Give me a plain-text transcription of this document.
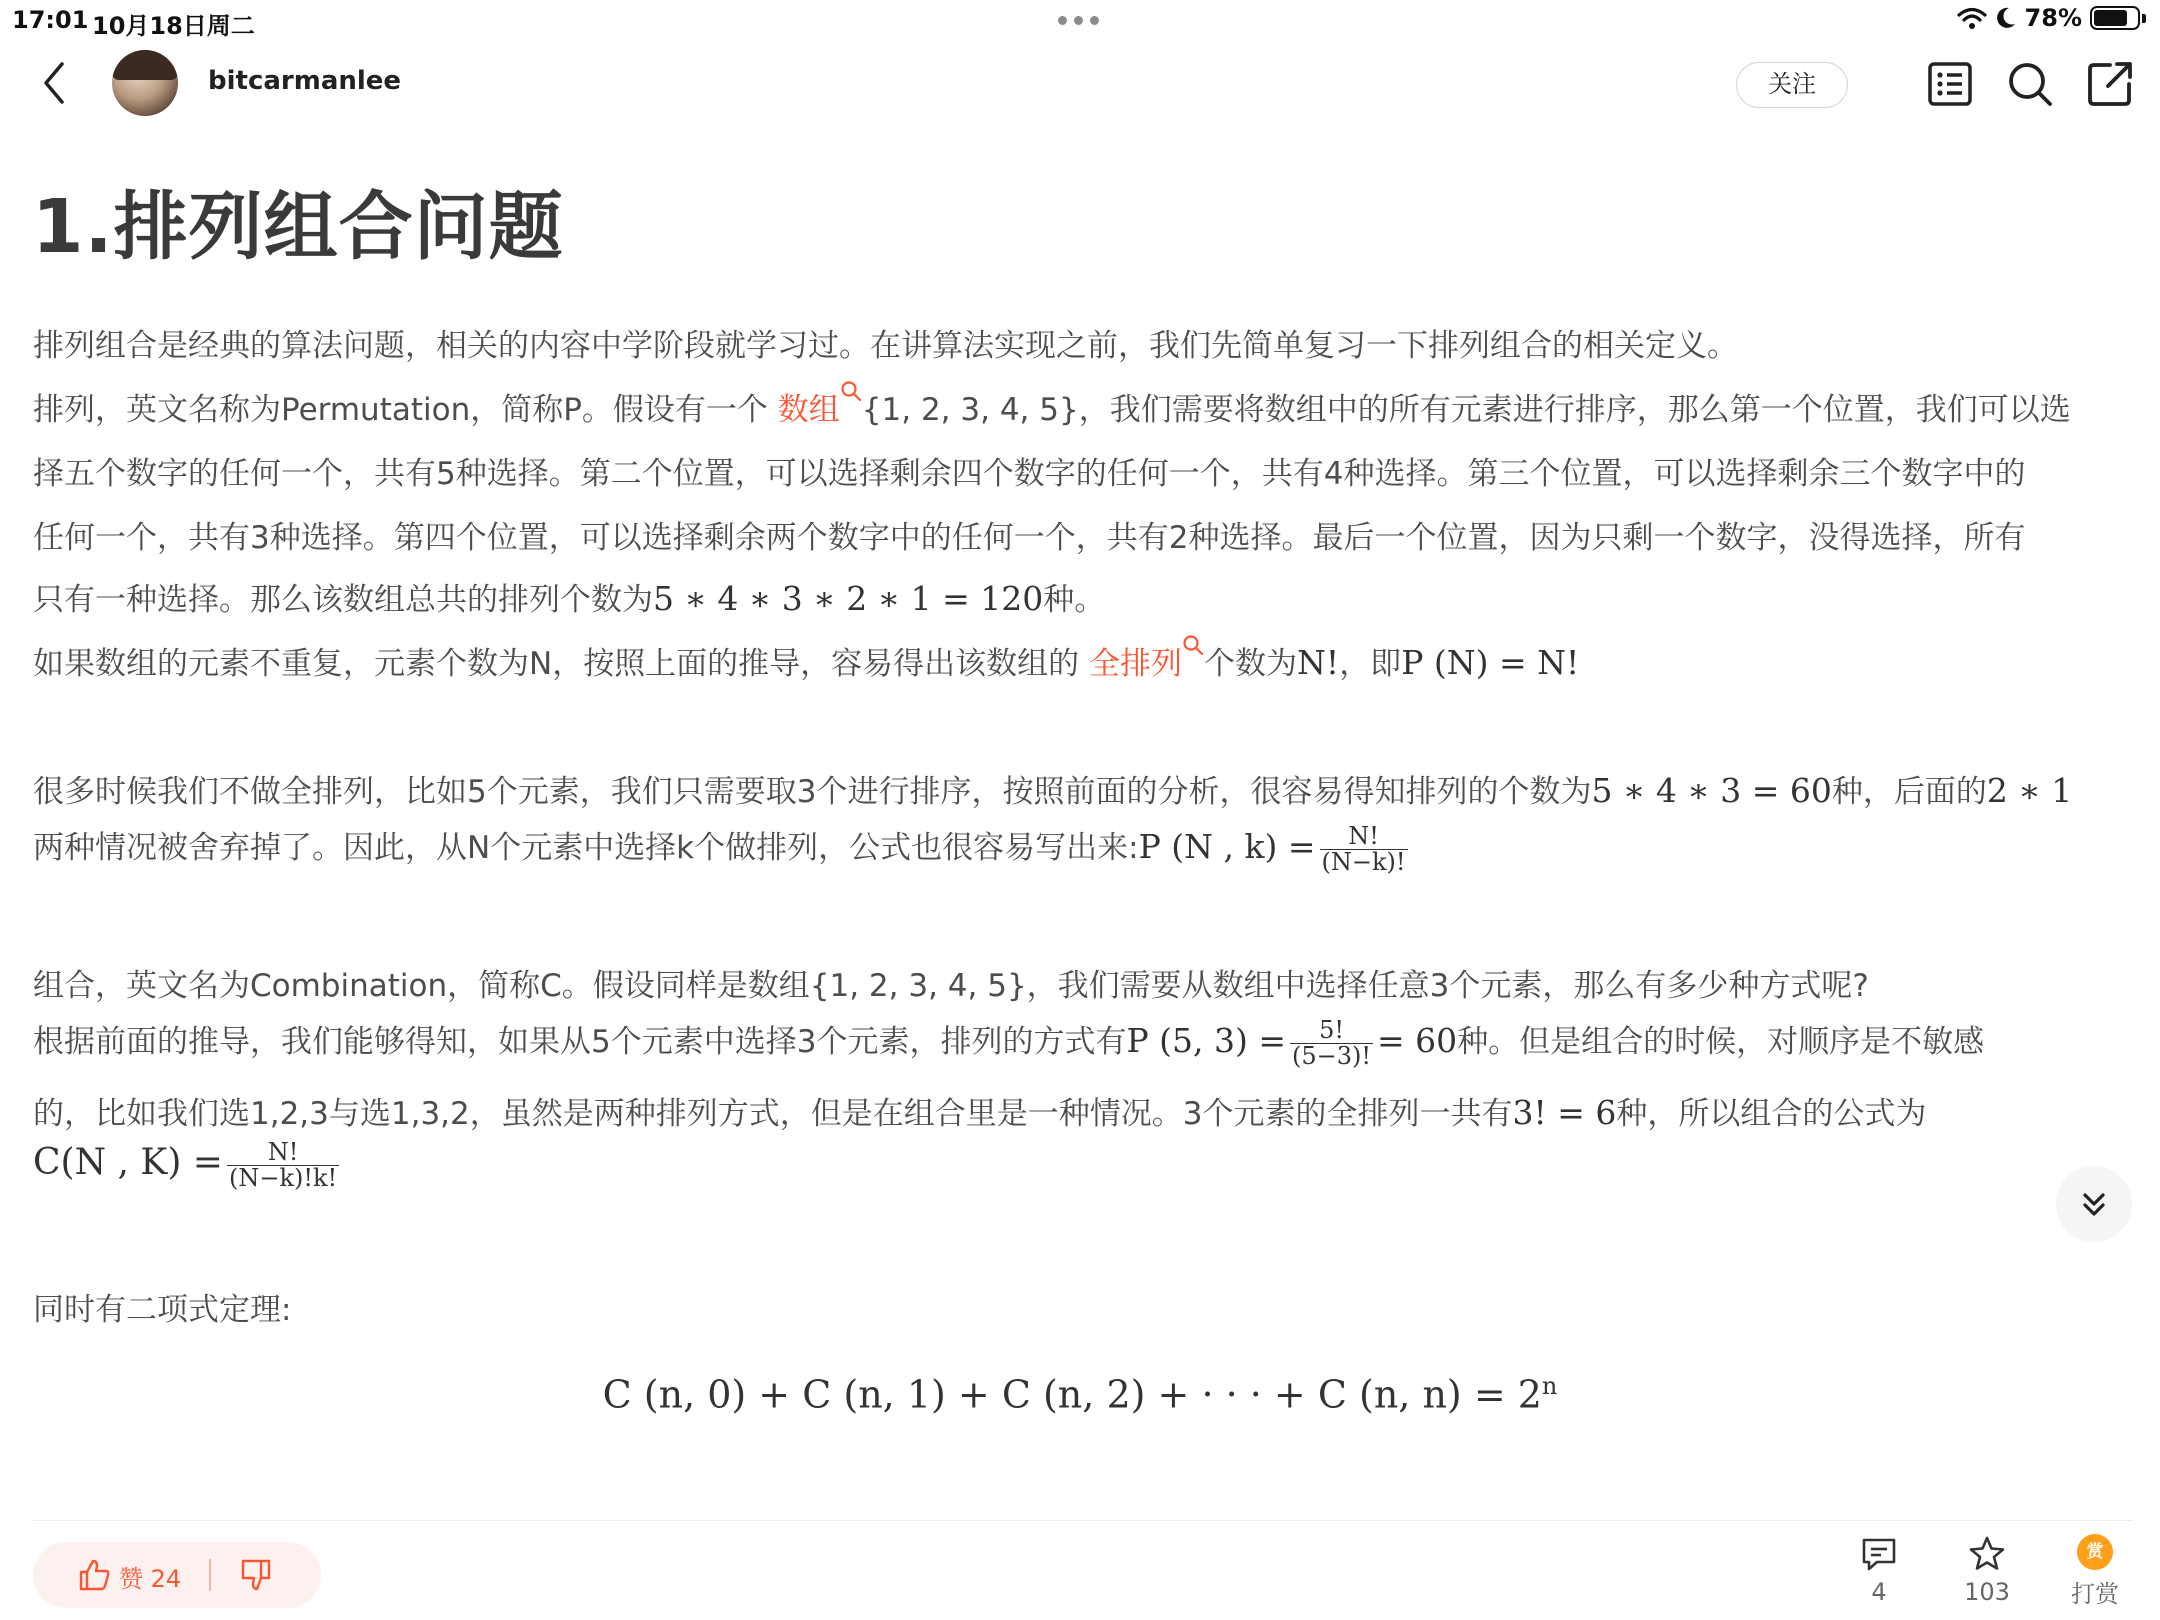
17:01 10月18日周二	78%
bitcarmanlee	关注
1.排列组合问题
排列组合是经典的算法问题，相关的内容中学阶段就学习过。在讲算法实现之前，我们先简单复习一下排列组合的相关定义。
排列，英文名称为Permutation，简称P。假设有一个 数组 {1, 2, 3, 4, 5}，我们需要将数组中的所有元素进行排序，那么第一个位置，我们可以选
择五个数字的任何一个，共有5种选择。第二个位置，可以选择剩余四个数字的任何一个，共有4种选择。第三个位置，可以选择剩余三个数字中的
任何一个，共有3种选择。第四个位置，可以选择剩余两个数字中的任何一个，共有2种选择。最后一个位置，因为只剩一个数字，没得选择，所有
只有一种选择。那么该数组总共的排列个数为5 ∗ 4 ∗ 3 ∗ 2 ∗ 1 = 120种。
如果数组的元素不重复，元素个数为N，按照上面的推导，容易得出该数组的 全排列 个数为N!，即P (N) = N!
很多时候我们不做全排列，比如5个元素，我们只需要取3个进行排序，按照前面的分析，很容易得知排列的个数为5 ∗ 4 ∗ 3 = 60种，后面的2 ∗ 1
两种情况被舍弃掉了。因此，从N个元素中选择k个做排列，公式也很容易写出来:P (N , $k) = \frac{N!}{(N-k)!}$
组合，英文名为Combination，简称C。假设同样是数组{1, 2, 3, 4, 5}，我们需要从数组中选择任意3个元素，那么有多少种方式呢?
根据前面的推导，我们能够得知，如果从5个元素中选择3个元素，排列的方式有P (5, $3) = \frac{5!}{(5-3)!} = 60$种。但是组合的时候，对顺序是不敏感
的，比如我们选1,2,3与选1,3,2，虽然是两种排列方式，但是在组合里是一种情况。3个元素的全排列一共有3! = 6种，所以组合的公式为
C(N , $K) = \frac{N!}{(N-k)!k!}$
同时有二项式定理:
C (n, 0) + C (n, 1) + C (n, 2) + · · · + C (n, $n) = 2^n$
赞 24	4	103
赏
打赏
